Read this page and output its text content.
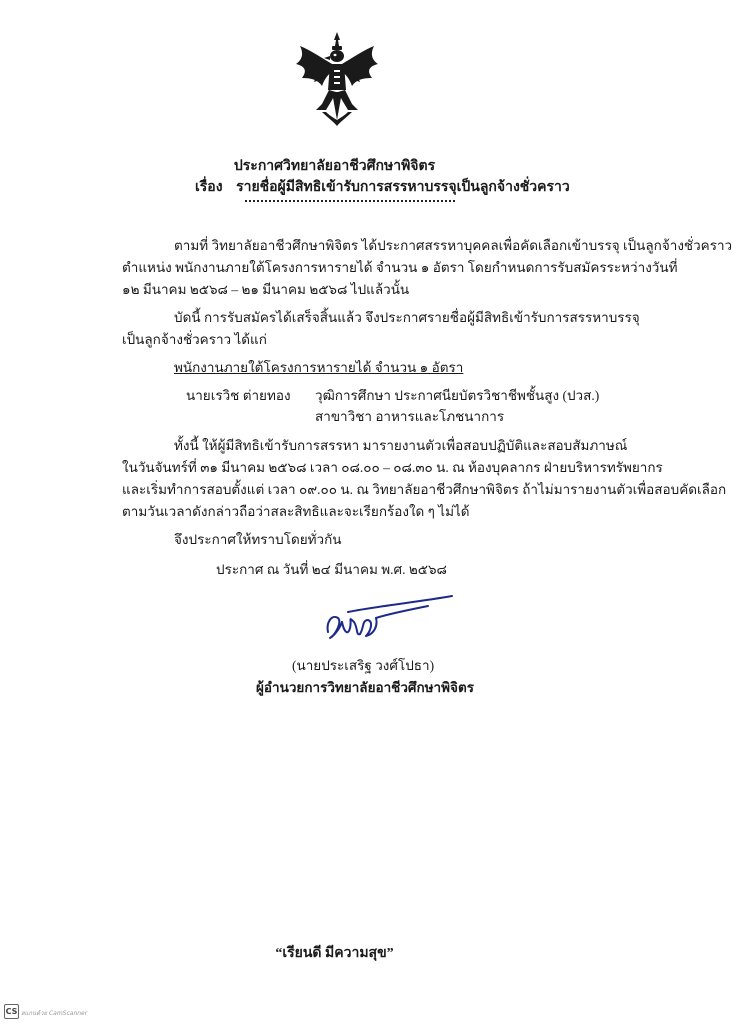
ประกาศวิทยาลัยอาชีวศึกษาพิจิตร
เรื่อง รายชื่อผู้มีสิทธิเข้ารับการสรรหาบรรจุเป็นลูกจ้างชั่วคราว
ตามที่ วิทยาลัยอาชีวศึกษาพิจิตร ได้ประกาศสรรหาบุคคลเพื่อคัดเลือกเข้าบรรจุ เป็นลูกจ้างชั่วคราว
ตำแหน่ง พนักงานภายใต้โครงการหารายได้ จำนวน ๑ อัตรา โดยกำหนดการรับสมัครระหว่างวันที่
๑๒ มีนาคม ๒๕๖๘ – ๒๑ มีนาคม ๒๕๖๘ ไปแล้วนั้น
บัดนี้ การรับสมัครได้เสร็จสิ้นแล้ว จึงประกาศรายชื่อผู้มีสิทธิเข้ารับการสรรหาบรรจุ
เป็นลูกจ้างชั่วคราว ได้แก่
พนักงานภายใต้โครงการหารายได้ จำนวน ๑ อัตรา
นายเรวิช ต่ายทอง วุฒิการศึกษา ประกาศนียบัตรวิชาชีพชั้นสูง (ปวส.)
สาขาวิชา อาหารและโภชนาการ
ทั้งนี้ ให้ผู้มีสิทธิเข้ารับการสรรหา มารายงานตัวเพื่อสอบปฏิบัติและสอบสัมภาษณ์
ในวันจันทร์ที่ ๓๑ มีนาคม ๒๕๖๘ เวลา ๐๘.๐๐ – ๐๘.๓๐ น. ณ ห้องบุคลากร ฝ่ายบริหารทรัพยากร
และเริ่มทำการสอบตั้งแต่ เวลา ๐๙.๐๐ น. ณ วิทยาลัยอาชีวศึกษาพิจิตร ถ้าไม่มารายงานตัวเพื่อสอบคัดเลือก
ตามวันเวลาดังกล่าวถือว่าสละสิทธิและจะเรียกร้องใด ๆ ไม่ได้
จึงประกาศให้ทราบโดยทั่วกัน
ประกาศ ณ วันที่ ๒๔ มีนาคม พ.ศ. ๒๕๖๘
(นายประเสริฐ วงศ์โปธา)
ผู้อำนวยการวิทยาลัยอาชีวศึกษาพิจิตร
“เรียนดี มีความสุข”
CS สแกนด้วย CamScanner
